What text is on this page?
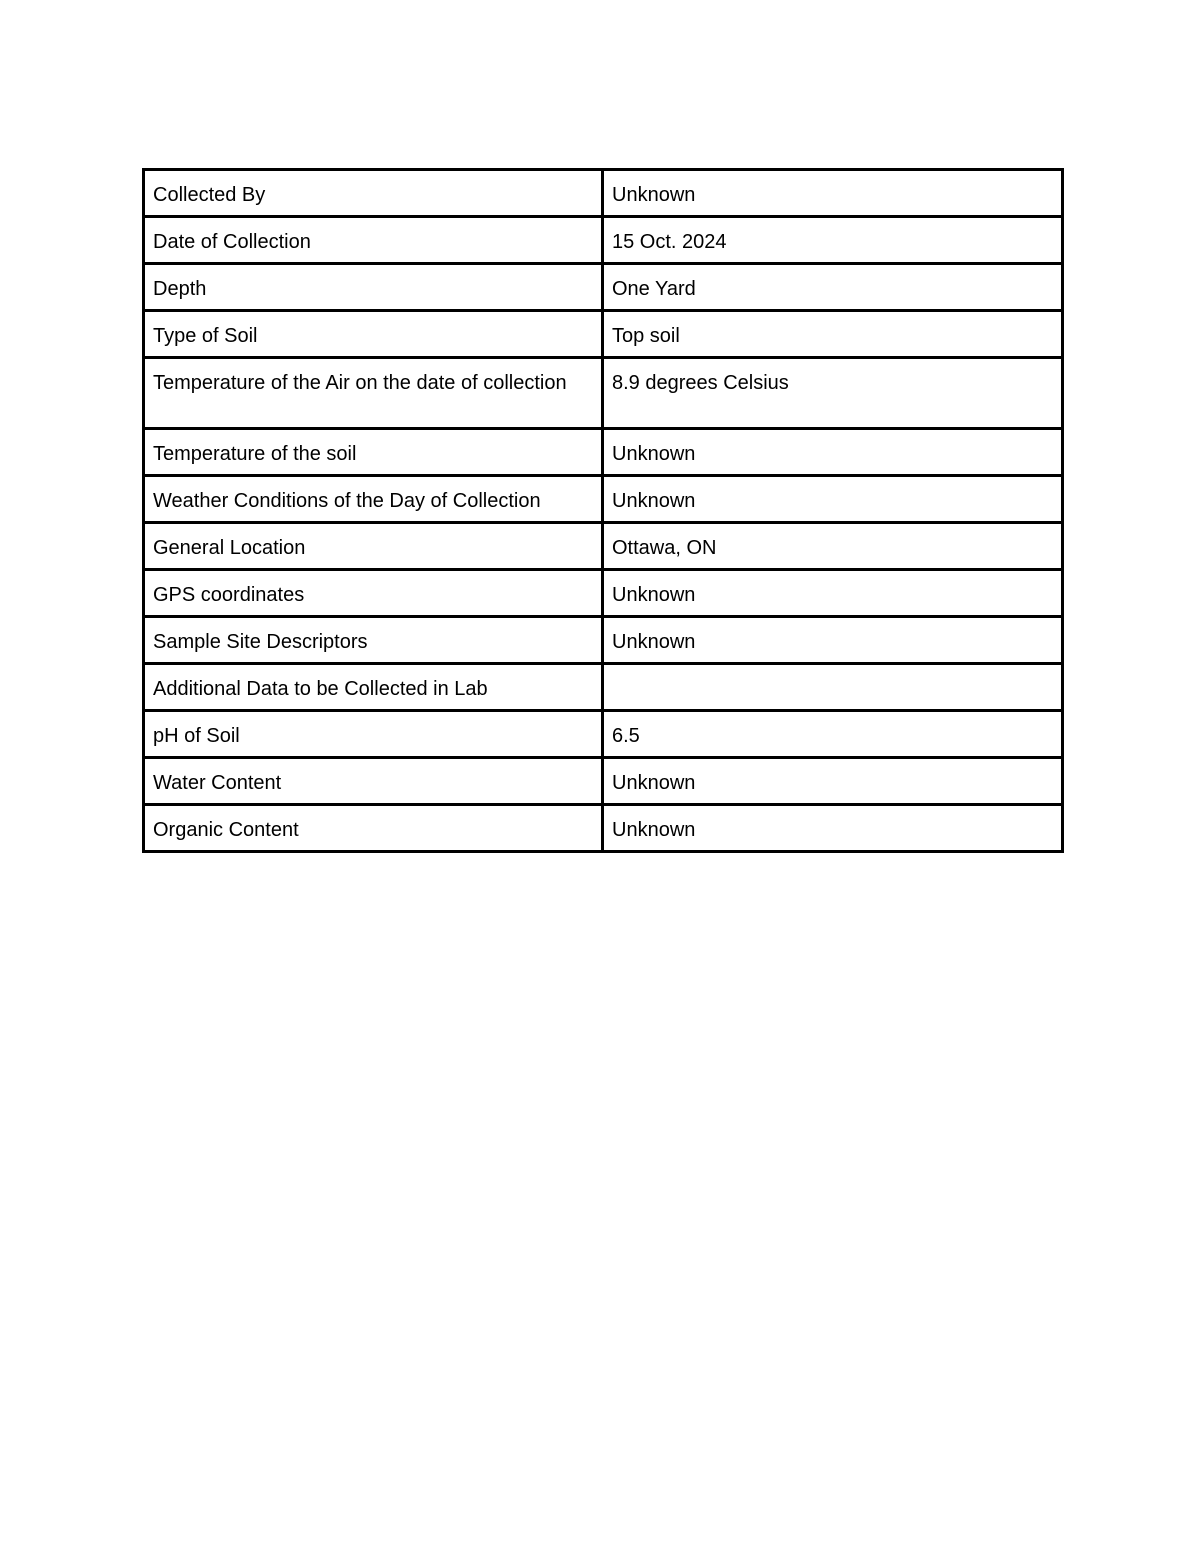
Collected By	Unknown
Date of Collection	15 Oct. 2024
Depth	One Yard
Type of Soil	Top soil
Temperature of the Air on the date of collection	8.9 degrees Celsius
Temperature of the soil	Unknown
Weather Conditions of the Day of Collection	Unknown
General Location	Ottawa, ON
GPS coordinates	Unknown
Sample Site Descriptors	Unknown
Additional Data to be Collected in Lab	
pH of Soil	6.5
Water Content	Unknown
Organic Content	Unknown
